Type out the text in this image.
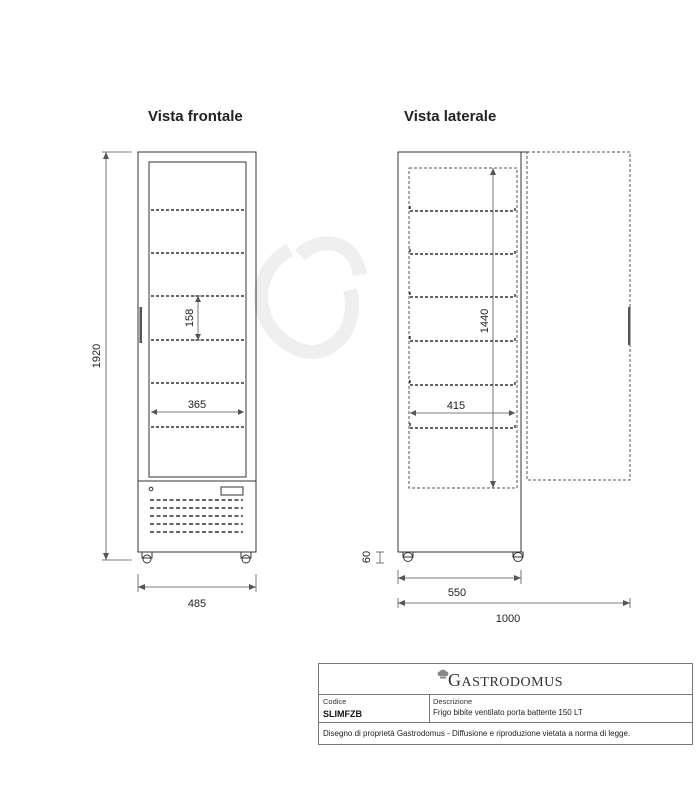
Vista frontale	Vista laterale
1920
485
158
365
1440
415
60
550
1000
GASTRODOMUS
Codice
SLIMFZB
Descrizione
Frigo bibite ventilato porta battente 150 LT
Disegno di proprietà Gastrodomus - Diffusione e riproduzione vietata a norma di legge.
